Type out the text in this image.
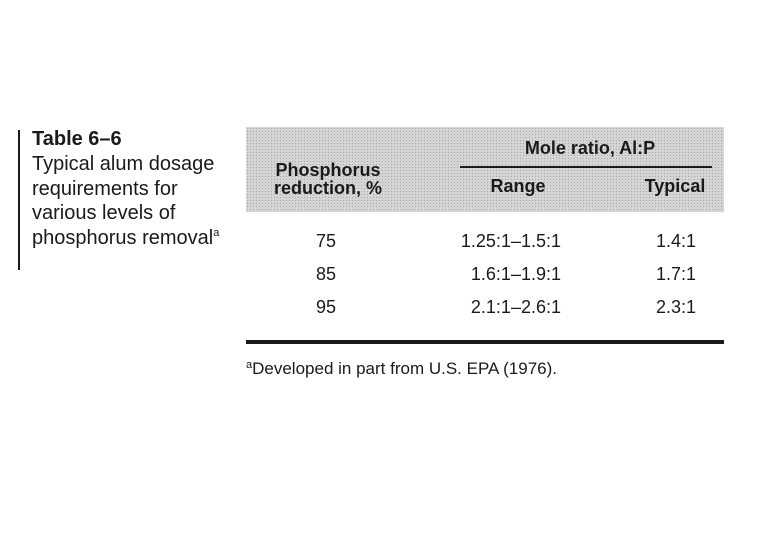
Table 6–6

Typical alum dosage

requirements for

various levels of

phosphorus removal$^a$

Phosphorus
reduction, %
Mole ratio, Al:P
Range	Typical
75	1.25:1–1.5:1	1.4:1
85	1.6:1–1.9:1	1.7:1
95	2.1:1–2.6:1	2.3:1
$^a$Developed in part from U.S. EPA (1976).
